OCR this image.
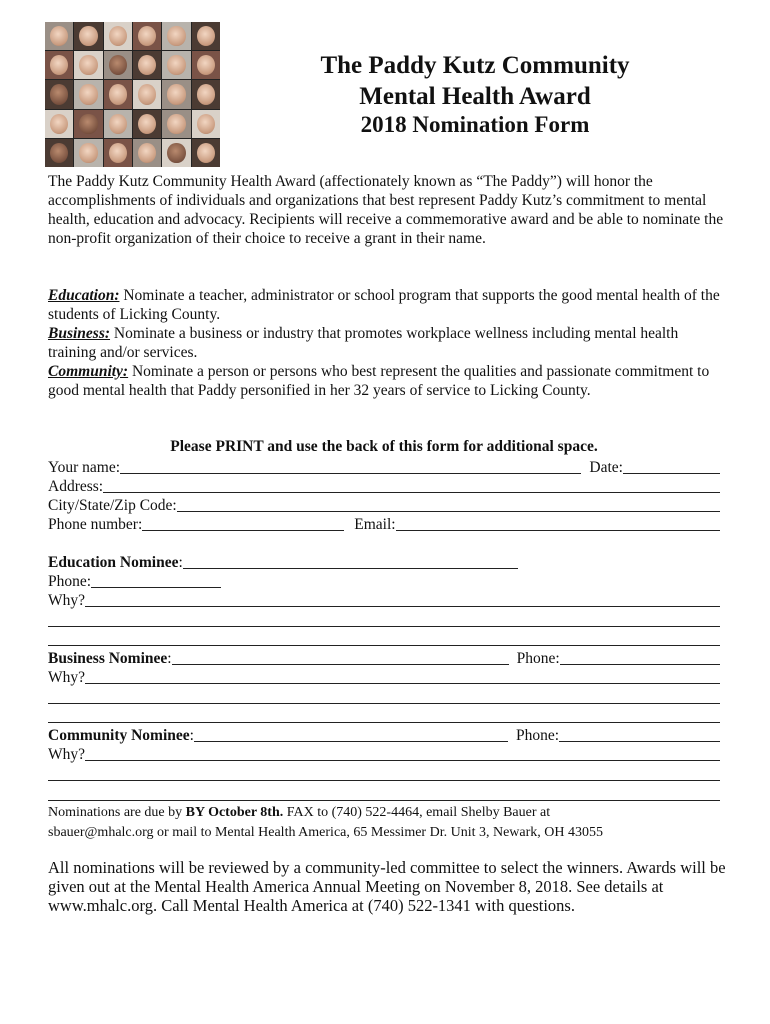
The Paddy Kutz Community
Mental Health Award
2018 Nomination Form

The Paddy Kutz Community Health Award (affectionately known as “The Paddy”) will honor the accomplishments of individuals and organizations that best represent Paddy Kutz’s commitment to mental health, education and advocacy. Recipients will receive a commemorative award and be able to nominate the non-profit organization of their choice to receive a grant in their name.

Education: Nominate a teacher, administrator or school program that supports the good mental health of the students of Licking County.
Business: Nominate a business or industry that promotes workplace wellness including mental health training and/or services.
Community: Nominate a person or persons who best represent the qualities and passionate commitment to good mental health that Paddy personified in her 32 years of service to Licking County.
Please PRINT and use the back of this form for additional space.
Your name:	Date:
Address:
City/State/Zip Code:
Phone number:	Email:
Education Nominee :
Phone:
Why?
Business Nominee :	Phone:
Why?
Community Nominee :	Phone:
Why?

Nominations are due by BY October 8th. FAX to (740) 522-4464, email Shelby Bauer at
sbauer@mhalc.org or mail to Mental Health America, 65 Messimer Dr. Unit 3, Newark, OH 43055

All nominations will be reviewed by a community-led committee to select the winners. Awards will be given out at the Mental Health America Annual Meeting on November 8, 2018. See details at www.mhalc.org. Call Mental Health America at (740) 522-1341 with questions.
